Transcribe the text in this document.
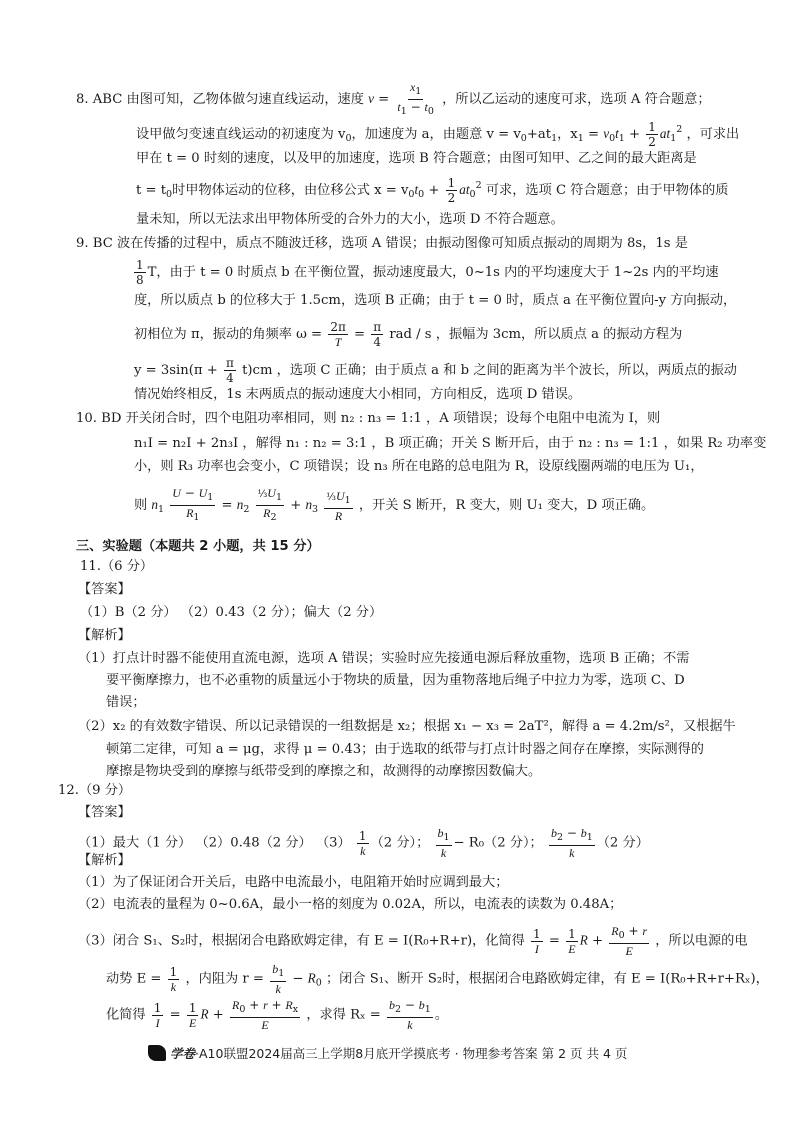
8. ABC 由图可知，乙物体做匀速直线运动，速度 $v = \frac{x_1}{t_1 - t_0}$ ，所以乙运动的速度可求，选项 A 符合题意；
设甲做匀变速直线运动的初速度为 $v_0$，加速度为 a，由题意 $v = v_0+at_1$，$x_1 = v_0t_1 + \frac{1}{2} at_1^2$ ，可求出
甲在 t = 0 时刻的速度，以及甲的加速度，选项 B 符合题意；由图可知甲、乙之间的最大距离是
$t = t_0$时甲物体运动的位移，由位移公式 $x = v_0t_0 + \frac{1}{2} at_0^2$ 可求，选项 C 符合题意；由于甲物体的质
量未知，所以无法求出甲物体所受的合外力的大小，选项 D 不符合题意。
9. BC 波在传播的过程中，质点不随波迁移，选项 A 错误；由振动图像可知质点振动的周期为 8s，1s 是
$\frac{1}{8}$ T，由于 t = 0 时质点 b 在平衡位置，振动速度最大，0~1s 内的平均速度大于 1~2s 内的平均速
度，所以质点 b 的位移大于 1.5cm，选项 B 正确；由于 t = 0 时，质点 a 在平衡位置向-y 方向振动，
初相位为 π，振动的角频率 $\omega = \frac{2\pi}{T} = \frac{\pi}{4}$ rad / s ，振幅为 3cm，所以质点 a 的振动方程为
$y = 3\sin(\pi + \frac{\pi}{4} t)cm$ ，选项 C 正确；由于质点 a 和 b 之间的距离为半个波长，所以，两质点的振动
情况始终相反，1s 末两质点的振动速度大小相同，方向相反，选项 D 错误。
10. BD 开关闭合时，四个电阻功率相同，则 n₂ : n₃ = 1:1 ，A 项错误；设每个电阻中电流为 I，则
n₁I = n₂I + 2n₃I ，解得 n₁ : n₂ = 3:1 ，B 项正确；开关 S 断开后，由于 n₂ : n₃ = 1:1 ，如果 R₂ 功率变
小，则 R₃ 功率也会变小，C 项错误；设 n₃ 所在电路的总电阻为 R，设原线圈两端的电压为 U₁，
则 $n_1 \frac{U - U_1}{R_1} = n_2 \frac{\frac{1}{3}U_1}{R_2} + n_3 \frac{\frac{1}{3}U_1}{R}$ ，开关 S 断开，R 变大，则 U₁ 变大，D 项正确。
三、实验题（本题共 2 小题，共 15 分）
11.（6 分）
【答案】
（1）B（2 分） （2）0.43（2 分）；偏大（2 分）
【解析】
（1）打点计时器不能使用直流电源，选项 A 错误；实验时应先接通电源后释放重物，选项 B 正确；不需
要平衡摩擦力，也不必重物的质量远小于物块的质量，因为重物落地后绳子中拉力为零，选项 C、D
错误；
（2）x₂ 的有效数字错误、所以记录错误的一组数据是 x₂；根据 x₁ − x₃ = 2aT²，解得 a = 4.2m/s²，又根据牛
顿第二定律，可知 a = μg，求得 μ = 0.43；由于选取的纸带与打点计时器之间存在摩擦，实际测得的
摩擦是物块受到的摩擦与纸带受到的摩擦之和，故测得的动摩擦因数偏大。
12.（9 分）
【答案】
（1）最大（1 分） （2）0.48（2 分） $(3) \frac{1}{k} (2$ 分）； $\frac{b_1}{k} - R_0(2$ 分）； $\frac{b_2 - b_1}{k} (2$ 分）
【解析】
（1）为了保证闭合开关后，电路中电流最小，电阻箱开始时应调到最大；
（2）电流表的量程为 0~0.6A，最小一格的刻度为 0.02A，所以，电流表的读数为 0.48A；
（3）闭合 S₁、S₂时，根据闭合电路欧姆定律，有 E = I(R₀+R+r)，化简得 $\frac{1}{I} = \frac{1}{E}$ $R + \frac{R_0 + r}{E}$ ，所以电源的电
动势 $E = \frac{1}{k}$ ，内阻为 $r = \frac{b_1}{k} - R_0$ ；闭合 S₁、断开 S₂时，根据闭合电路欧姆定律，有 E = I(R₀+R+r+Rₓ)，
化简得 $\frac{1}{I} = \frac{1}{E}$ $R + \frac{R_0 + r + R_x}{E}$ ，求得 $R_x = \frac{b_2 - b_1}{k}$ 。
学卷·A10联盟2024届高三上学期8月底开学摸底考 · 物理参考答案 第 2 页 共 4 页
